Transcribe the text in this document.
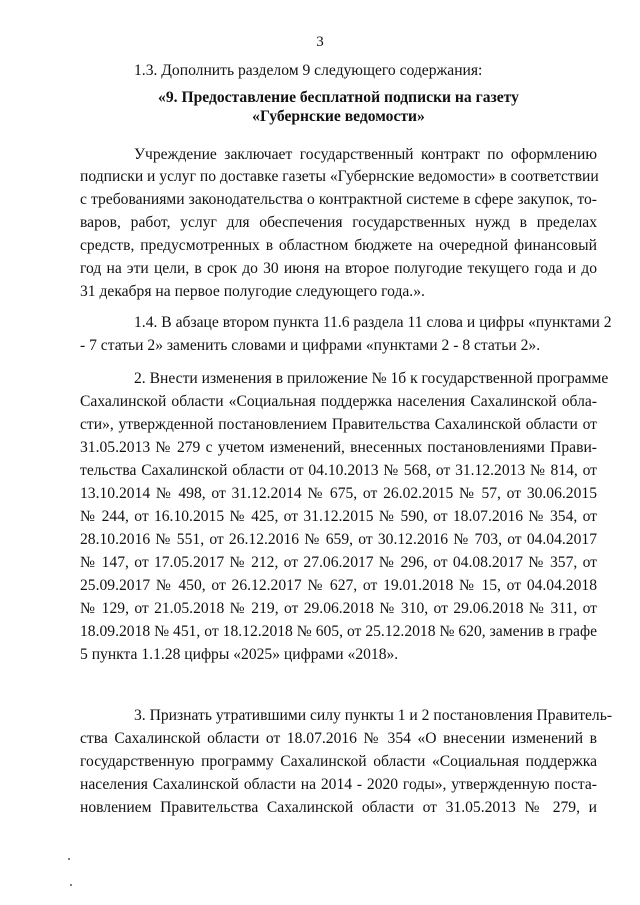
3
1.3. Дополнить разделом 9 следующего содержания:
«9. Предоставление бесплатной подписки на газету
«Губернские ведомости»
Учреждение заключает государственный контракт по оформлению
подписки и услуг по доставке газеты «Губернские ведомости» в соответствии
с требованиями законодательства о контрактной системе в сфере закупок, то-
варов, работ, услуг для обеспечения государственных нужд в пределах
средств, предусмотренных в областном бюджете на очередной финансовый
год на эти цели, в срок до 30 июня на второе полугодие текущего года и до
31 декабря на первое полугодие следующего года.».
1.4. В абзаце втором пункта 11.6 раздела 11 слова и цифры «пунктами 2
- 7 статьи 2» заменить словами и цифрами «пунктами 2 - 8 статьи 2».
2. Внести изменения в приложение № 1б к государственной программе
Сахалинской области «Социальная поддержка населения Сахалинской обла-
сти», утвержденной постановлением Правительства Сахалинской области от
31.05.2013 № 279 с учетом изменений, внесенных постановлениями Прави-
тельства Сахалинской области от 04.10.2013 № 568, от 31.12.2013 № 814, от
13.10.2014 № 498, от 31.12.2014 № 675, от 26.02.2015 № 57, от 30.06.2015
№ 244, от 16.10.2015 № 425, от 31.12.2015 № 590, от 18.07.2016 № 354, от
28.10.2016 № 551, от 26.12.2016 № 659, от 30.12.2016 № 703, от 04.04.2017
№ 147, от 17.05.2017 № 212, от 27.06.2017 № 296, от 04.08.2017 № 357, от
25.09.2017 № 450, от 26.12.2017 № 627, от 19.01.2018 № 15, от 04.04.2018
№ 129, от 21.05.2018 № 219, от 29.06.2018 № 310, от 29.06.2018 № 311, от
18.09.2018 № 451, от 18.12.2018 № 605, от 25.12.2018 № 620, заменив в графе
5 пункта 1.1.28 цифры «2025» цифрами «2018».
3. Признать утратившими силу пункты 1 и 2 постановления Правитель-
ства Сахалинской области от 18.07.2016 № 354 «О внесении изменений в
государственную программу Сахалинской области «Социальная поддержка
населения Сахалинской области на 2014 - 2020 годы», утвержденную поста-
новлением Правительства Сахалинской области от 31.05.2013 № 279, и
